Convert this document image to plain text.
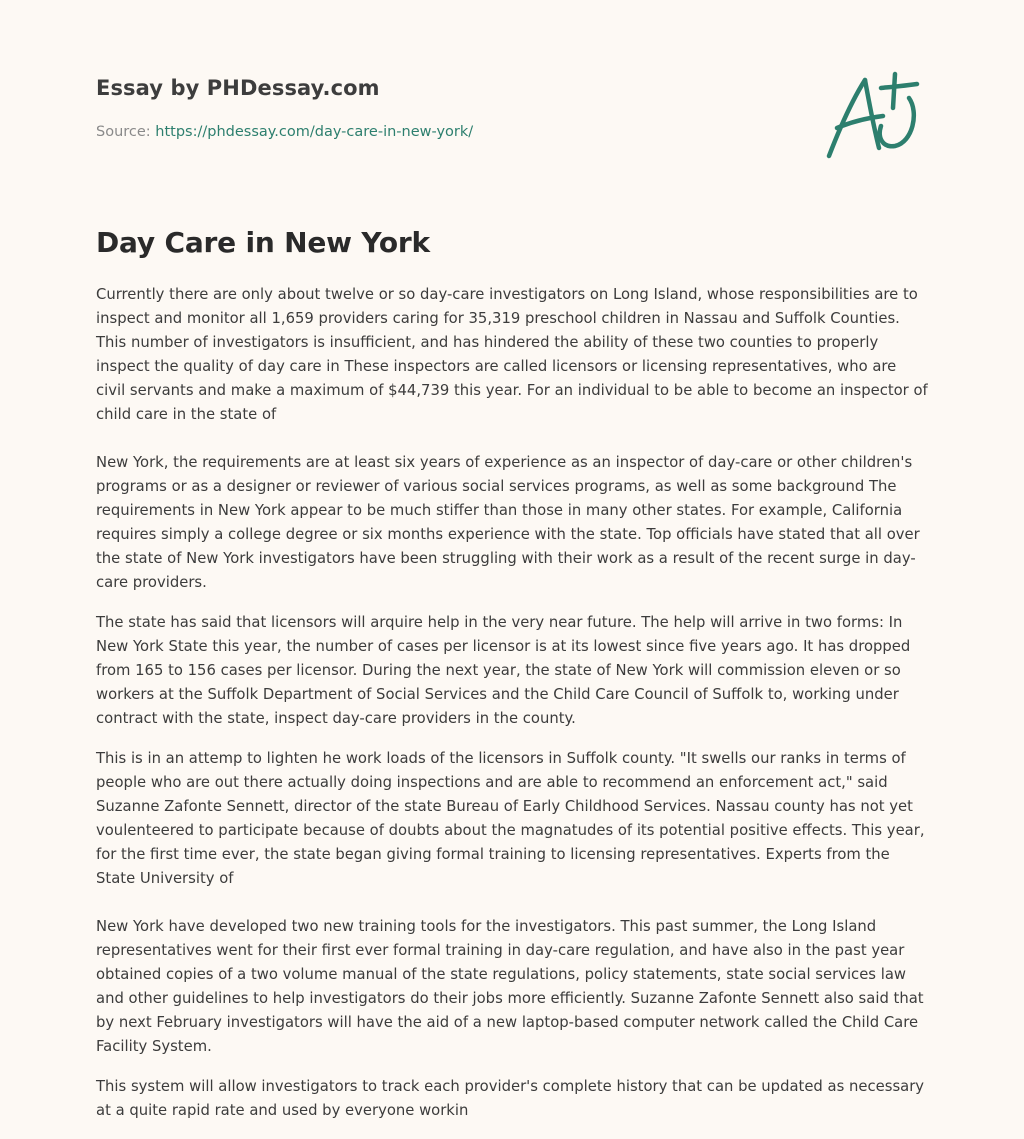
Essay by PHDessay.com
Source: https://phdessay.com/day-care-in-new-york/
Day Care in New York

Currently there are only about twelve or so day-care investigators on Long Island, whose responsibilities are to inspect and monitor all 1,659 providers caring for 35,319 preschool children in Nassau and Suffolk Counties. This number of investigators is insufficient, and has hindered the ability of these two counties to properly inspect the quality of day care in These inspectors are called licensors or licensing representatives, who are civil servants and make a maximum of $44,739 this year. For an individual to be able to become an inspector of child care in the state of

New York, the requirements are at least six years of experience as an inspector of day-care or other children's programs or as a designer or reviewer of various social services programs, as well as some background The requirements in New York appear to be much stiffer than those in many other states. For example, California requires simply a college degree or six months experience with the state. Top officials have stated that all over the state of New York investigators have been struggling with their work as a result of the recent surge in day-care providers.

The state has said that licensors will arquire help in the very near future. The help will arrive in two forms: In New York State this year, the number of cases per licensor is at its lowest since five years ago. It has dropped from 165 to 156 cases per licensor. During the next year, the state of New York will commission eleven or so workers at the Suffolk Department of Social Services and the Child Care Council of Suffolk to, working under contract with the state, inspect day-care providers in the county.

This is in an attemp to lighten he work loads of the licensors in Suffolk county. "It swells our ranks in terms of people who are out there actually doing inspections and are able to recommend an enforcement act," said Suzanne Zafonte Sennett, director of the state Bureau of Early Childhood Services. Nassau county has not yet voulenteered to participate because of doubts about the magnatudes of its potential positive effects. This year, for the first time ever, the state began giving formal training to licensing representatives. Experts from the State University of

New York have developed two new training tools for the investigators. This past summer, the Long Island representatives went for their first ever formal training in day-care regulation, and have also in the past year obtained copies of a two volume manual of the state regulations, policy statements, state social services law and other guidelines to help investigators do their jobs more efficiently. Suzanne Zafonte Sennett also said that by next February investigators will have the aid of a new laptop-based computer network called the Child Care Facility System.

This system will allow investigators to track each provider's complete history that can be updated as necessary at a quite rapid rate and used by everyone workin
